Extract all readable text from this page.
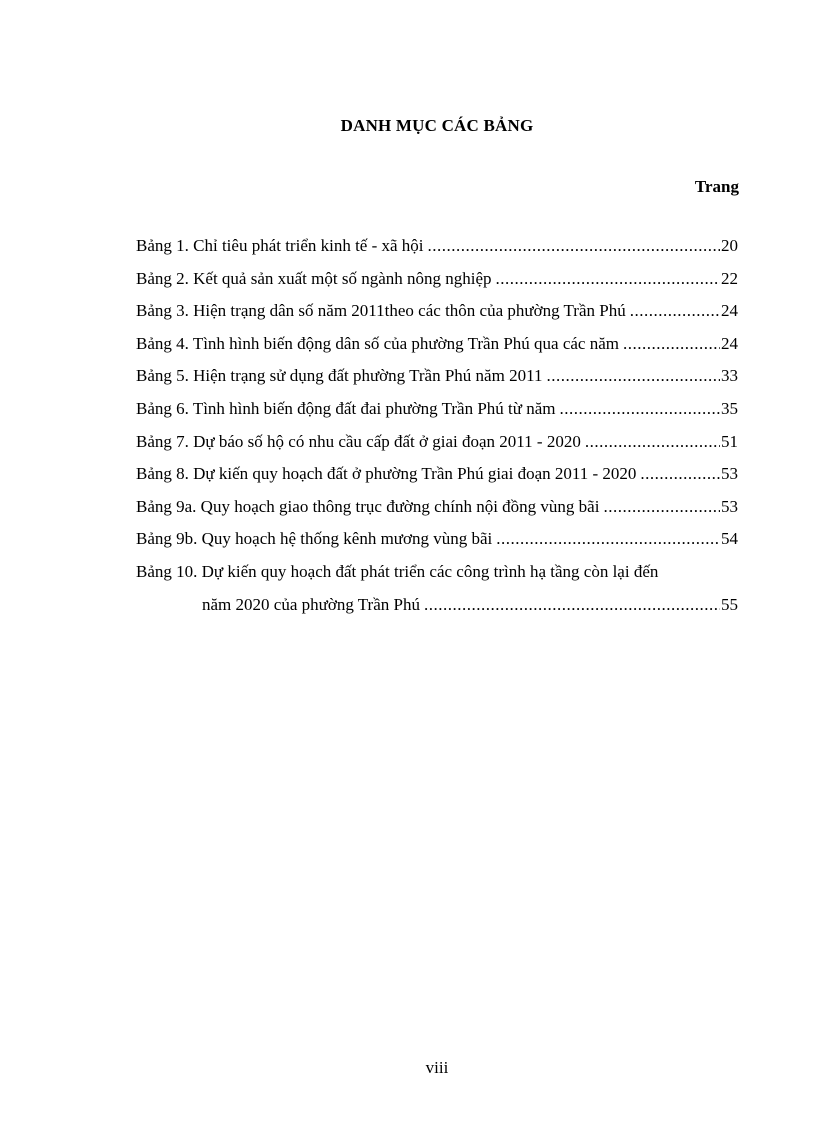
DANH MỤC CÁC BẢNG
Trang
Bảng 1. Chỉ tiêu phát triển kinh tế - xã hội .....	20
Bảng 2. Kết quả sản xuất một số ngành nông nghiệp .....	22
Bảng 3. Hiện trạng dân số năm 2011theo các thôn của phường Trần Phú .....	24
Bảng 4. Tình hình biến động dân số của phường Trần Phú qua các năm .....	24
Bảng 5. Hiện trạng sử dụng đất phường Trần Phú năm 2011 .....	33
Bảng 6. Tình hình biến động đất đai phường Trần Phú từ năm .....	35
Bảng 7. Dự báo số hộ có nhu cầu cấp đất ở giai đoạn 2011 - 2020 .....	51
Bảng 8. Dự kiến quy hoạch đất ở phường Trần Phú giai đoạn 2011 - 2020 .....	53
Bảng 9a. Quy hoạch giao thông trục đường chính nội đồng vùng bãi .....	53
Bảng 9b. Quy hoạch hệ thống kênh mương vùng bãi .....	54
Bảng 10. Dự kiến quy hoạch đất phát triển các công trình hạ tầng còn lại đến
năm 2020 của phường Trần Phú .....	55
viii
